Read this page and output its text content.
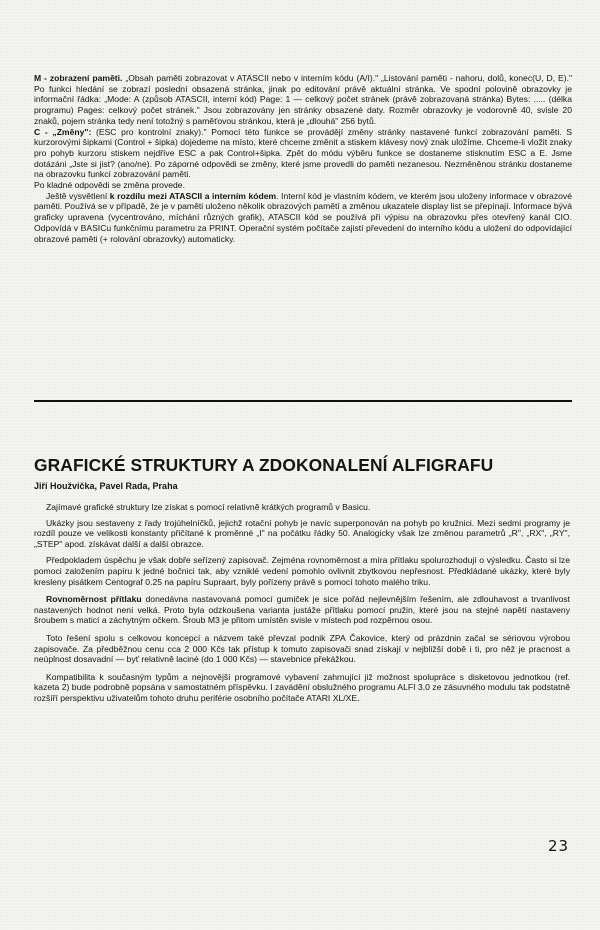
M - zobrazení paměti. „Obsah paměti zobrazovat v ATASCII nebo v interním kódu (A/I)." „Listování paměti - nahoru, dolů, konec(U, D, E)." Po funkci hledání se zobrazí poslední obsazená stránka, jinak po editování právě aktuální stránka. Ve spodní polovině obrazovky je informační řádka: „Mode: A (způsob ATASCII, interní kód) Page: 1 — celkový počet stránek (právě zobrazovaná stránka) Bytes: ..... (délka programu) Pages: celkový počet stránek." Jsou zobrazovány jen stránky obsazené daty. Rozměr obrazovky je vodorovně 40, svisle 20 znaků, pojem stránka tedy není totožný s paměťovou stránkou, která je „dlouhá" 256 bytů.

C - „Změny": (ESC pro kontrolní znaky)." Pomocí této funkce se provádějí změny stránky nastavené funkcí zobrazování paměti. S kurzorovými šipkami (Control + šipka) dojedeme na místo, které chceme změnit a stiskem klávesy nový znak uložíme. Chceme-li vložit znaky pro pohyb kurzoru stiskem nejdříve ESC a pak Control+šipka. Zpět do módu výběru funkce se dostaneme stisknutím ESC a E. Jsme dotázáni „Jste si jist? (ano/ne). Po záporné odpovědi se změny, které jsme provedli do paměti nezanesou. Nezměněnou stránku dostaneme na obrazovku funkcí zobrazování paměti.

Po kladné odpovědi se změna provede.

Ještě vysvětlení k rozdílu mezi ATASCII a interním kódem. Interní kód je vlastním kódem, ve kterém jsou uloženy informace v obrazové paměti. Používá se v případě, že je v paměti uloženo několik obrazových pamětí a změnou ukazatele display list se přepínají. Informace bývá graficky upravena (vycentrováno, míchání různých grafik), ATASCII kód se používá při výpisu na obrazovku přes otevřený kanál CIO. Odpovídá v BASICu funkčnímu parametru za PRINT. Operační systém počítače zajistí převedení do interního kódu a uložení do odpovídající obrazové paměti (+ rolování obrazovky) automaticky.

GRAFICKÉ STRUKTURY A ZDOKONALENÍ ALFIGRAFU
Jiří Houžvička, Pavel Rada, Praha

Zajímavé grafické struktury lze získat s pomocí relativně krátkých programů v Basicu.

Ukázky jsou sestaveny z řady trojúhelníčků, jejichž rotační pohyb je navíc superponován na pohyb po kružnici. Mezi sedmi programy je rozdíl pouze ve velikosti konstanty přičítané k proměnné „I" na počátku řádky 50. Analogicky však lze změnou parametrů „R", „RX", „RY", „STEP" apod. získávat další a další obrazce.

Předpokladem úspěchu je však dobře seřízený zapisovač. Zejména rovnoměrnost a míra přítlaku spolurozhodují o výsledku. Často si lze pomoci založením papíru k jedné bočnici tak, aby vzniklé vedení pomohlo ovlivnit zbytkovou nepřesnost. Předkládané ukázky, které byly kresleny pisátkem Centograf 0.25 na papíru Supraart, byly pořízeny právě s pomocí tohoto malého triku.

Rovnoměrnost přítlaku donedávna nastavovaná pomocí gumiček je sice pořád nejlevnějším řešením, ale zdlouhavost a trvanlivost nastavených hodnot není velká. Proto byla odzkoušena varianta justáže přítlaku pomocí pružin, které jsou na stejné napětí nastaveny šroubem s maticí a záchytným očkem. Šroub M3 je přitom umístěn svisle v místech pod rozpěrnou osou.

Toto řešení spolu s celkovou koncepcí a názvem také převzal podnik ZPA Čakovice, který od prázdnin začal se sériovou výrobou zapisovače. Za předběžnou cenu cca 2 000 Kčs tak přístup k tomuto zapisovači snad získají v nejbližší době i ti, pro něž je pracnost a neúplnost dosavadní — byť relativně laciné (do 1 000 Kčs) — stavebnice překážkou.

Kompatibilita k současným typům a nejnovější programové vybavení zahrnující již možnost spolupráce s disketovou jednotkou (ref. kazeta 2) bude podrobně popsána v samostatném příspěvku. I zavádění obslužného programu ALFI 3.0 ze zásuvného modulu tak podstatně rozšíří perspektivu uživatelům tohoto druhu periférie osobního počítače ATARI XL/XE.

23
